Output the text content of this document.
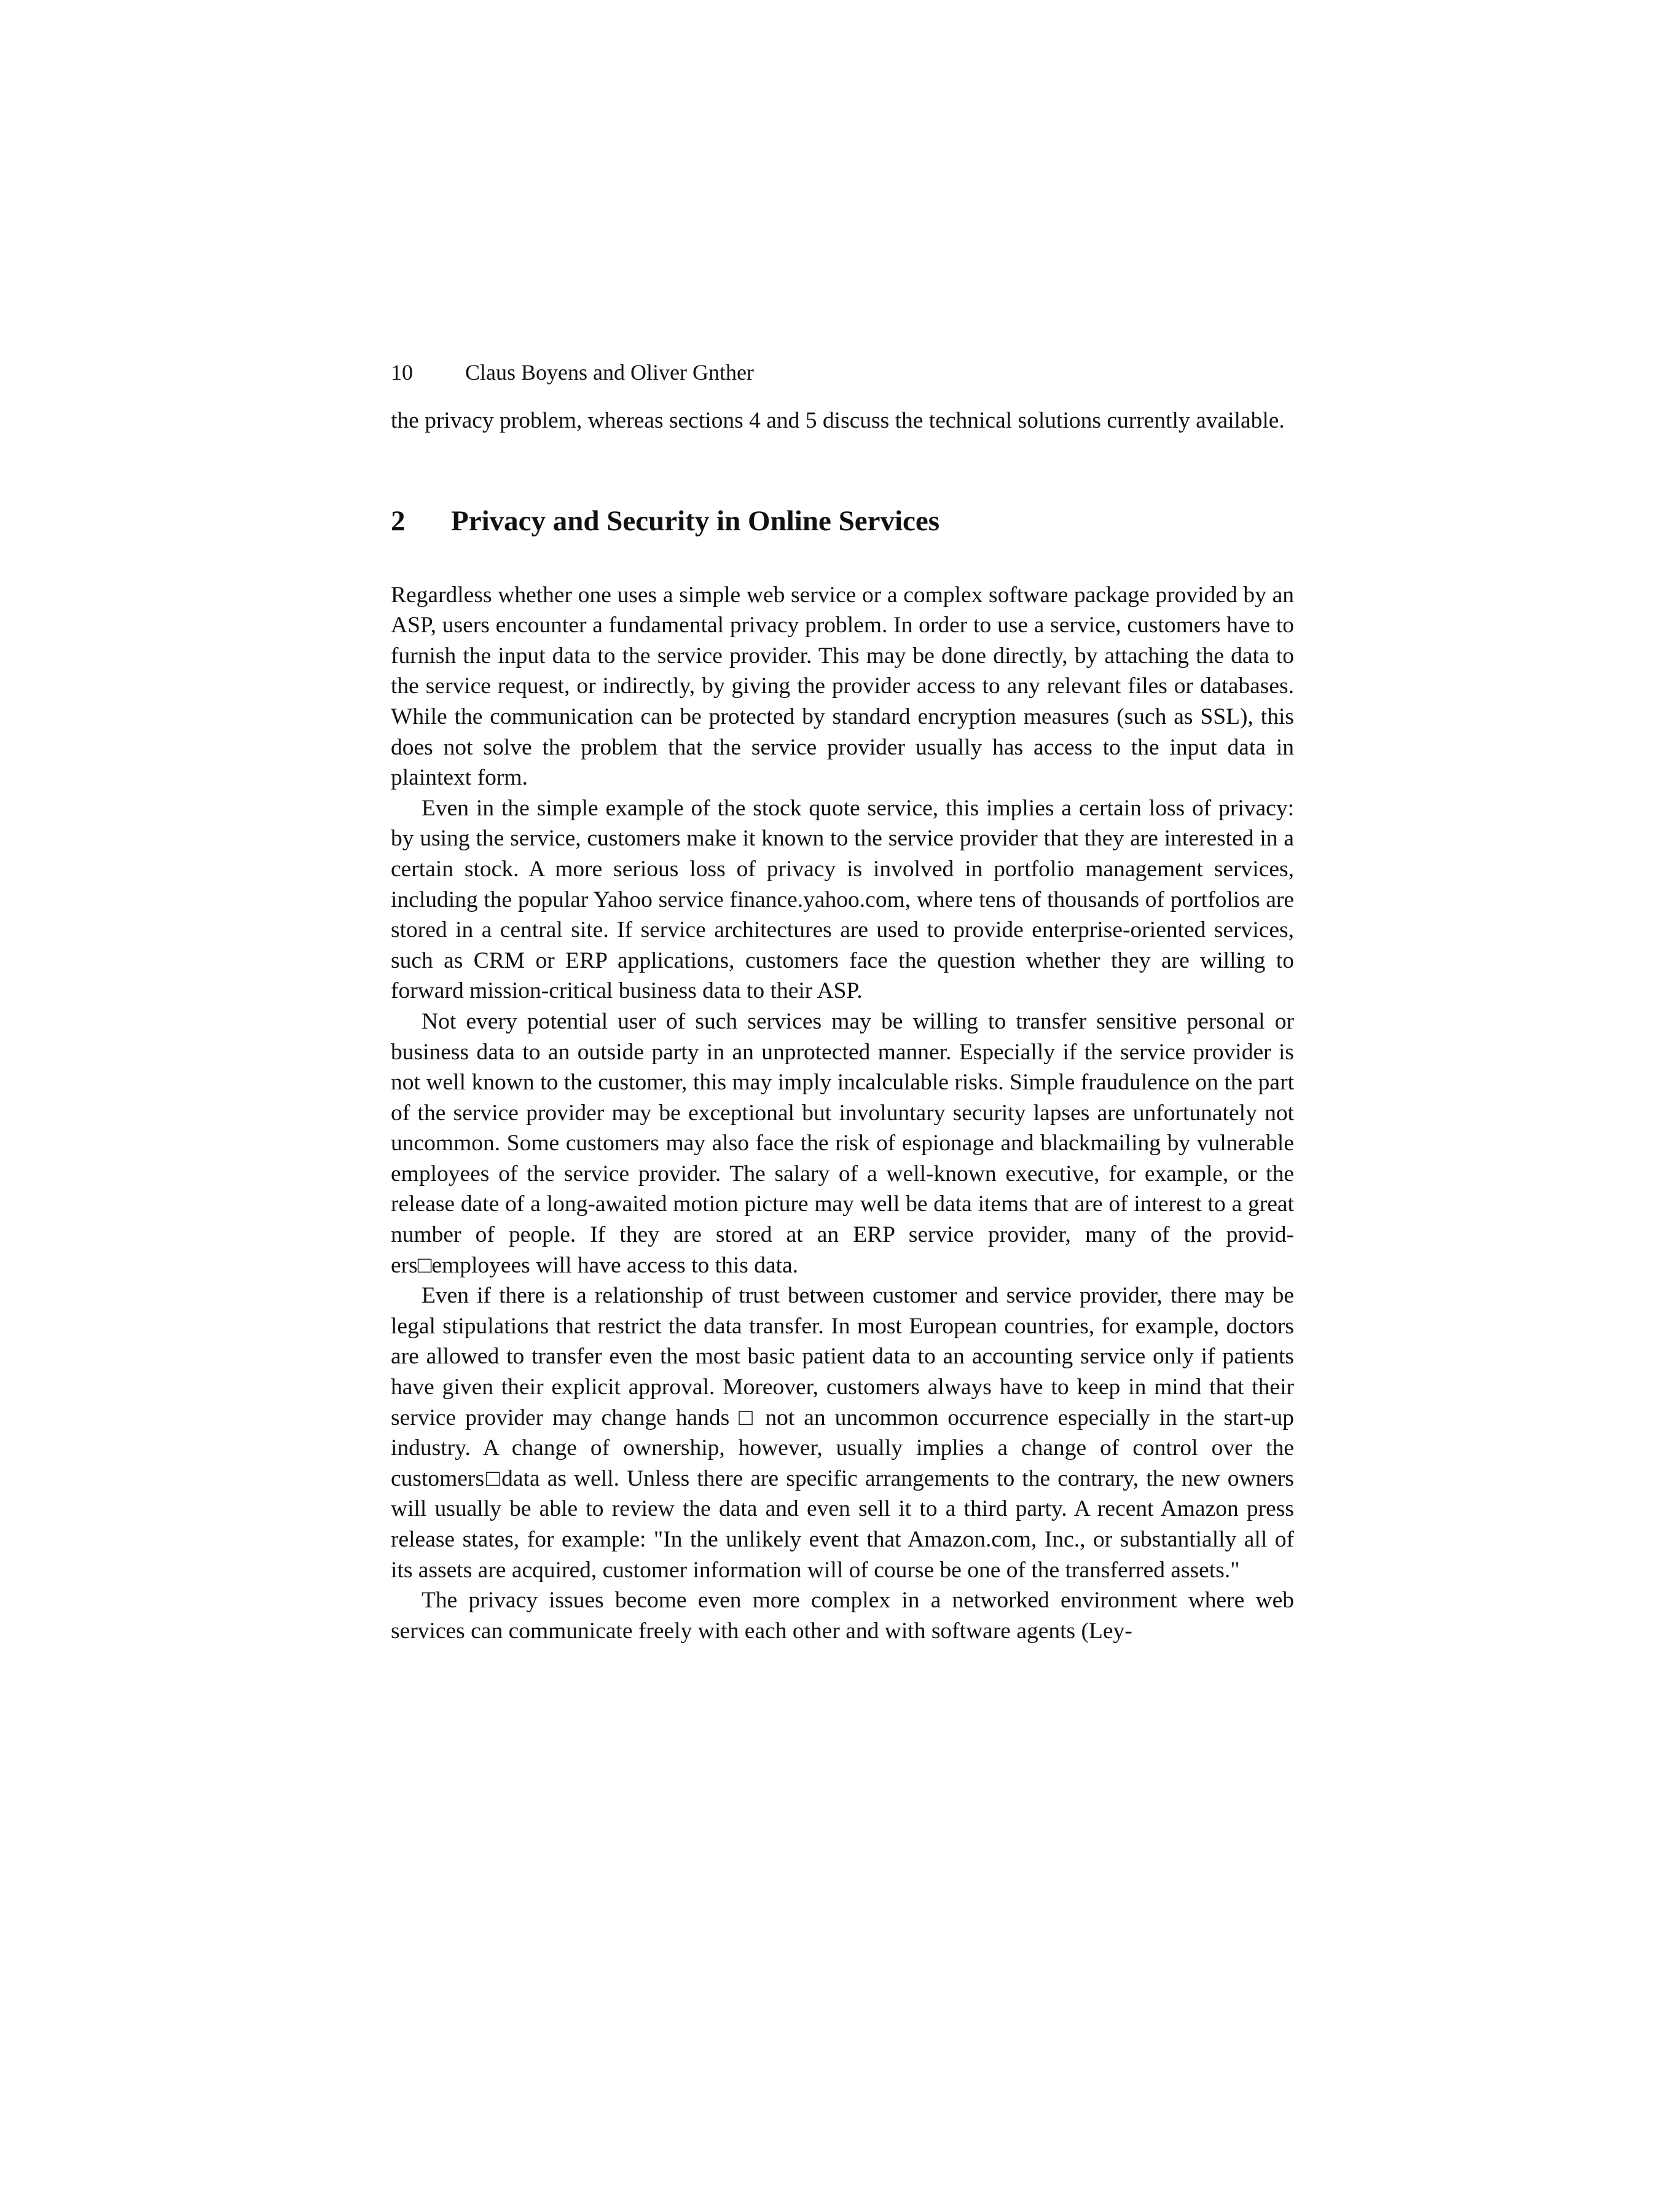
10 Claus Boyens and Oliver Gnther

the privacy problem, whereas sections 4 and 5 discuss the technical solutions currently available.

2 Privacy and Security in Online Services

Regardless whether one uses a simple web service or a complex software package provided by an ASP, users encounter a fundamental privacy problem. In order to use a service, customers have to furnish the input data to the service provider. This may be done directly, by attaching the data to the service request, or indirectly, by giving the provider access to any relevant files or databases. While the communication can be protected by standard encryption measures (such as SSL), this does not solve the problem that the service provider usually has access to the input data in plaintext form.

Even in the simple example of the stock quote service, this implies a certain loss of privacy: by using the service, customers make it known to the service provider that they are interested in a certain stock. A more serious loss of privacy is involved in portfolio management services, including the popular Yahoo service finance.yahoo.​com, where tens of thousands of portfolios are stored in a central site. If service architectures are used to provide enterprise-oriented services, such as CRM or ERP applications, customers face the question whether they are willing to forward mission-critical business data to their ASP.

Not every potential user of such services may be willing to transfer sensitive personal or business data to an outside party in an unprotected manner. Especially if the service provider is not well known to the customer, this may imply incalculable risks. Simple fraudulence on the part of the service provider may be exceptional but involuntary security lapses are unfortunately not uncommon. Some customers may also face the risk of espionage and blackmailing by vulnerable employees of the service provider. The salary of a well-known executive, for example, or the release date of a long-awaited motion picture may well be data items that are of interest to a great number of people. If they are stored at an ERP service provider, many of the providers□employees will have access to this data.

Even if there is a relationship of trust between customer and service provider, there may be legal stipulations that restrict the data transfer. In most European countries, for example, doctors are allowed to transfer even the most basic patient data to an accounting service only if patients have given their explicit approval. Moreover, customers always have to keep in mind that their service provider may change hands □ not an uncommon occurrence especially in the start-up industry. A change of ownership, however, usually implies a change of control over the customers□data as well. Unless there are specific arrangements to the contrary, the new owners will usually be able to review the data and even sell it to a third party. A recent Amazon press release states, for example: "In the unlikely event that Amazon.com, Inc., or substantially all of its assets are acquired, customer information will of course be one of the transferred assets."

The privacy issues become even more complex in a networked environment where web services can communicate freely with each other and with software agents (Ley-
